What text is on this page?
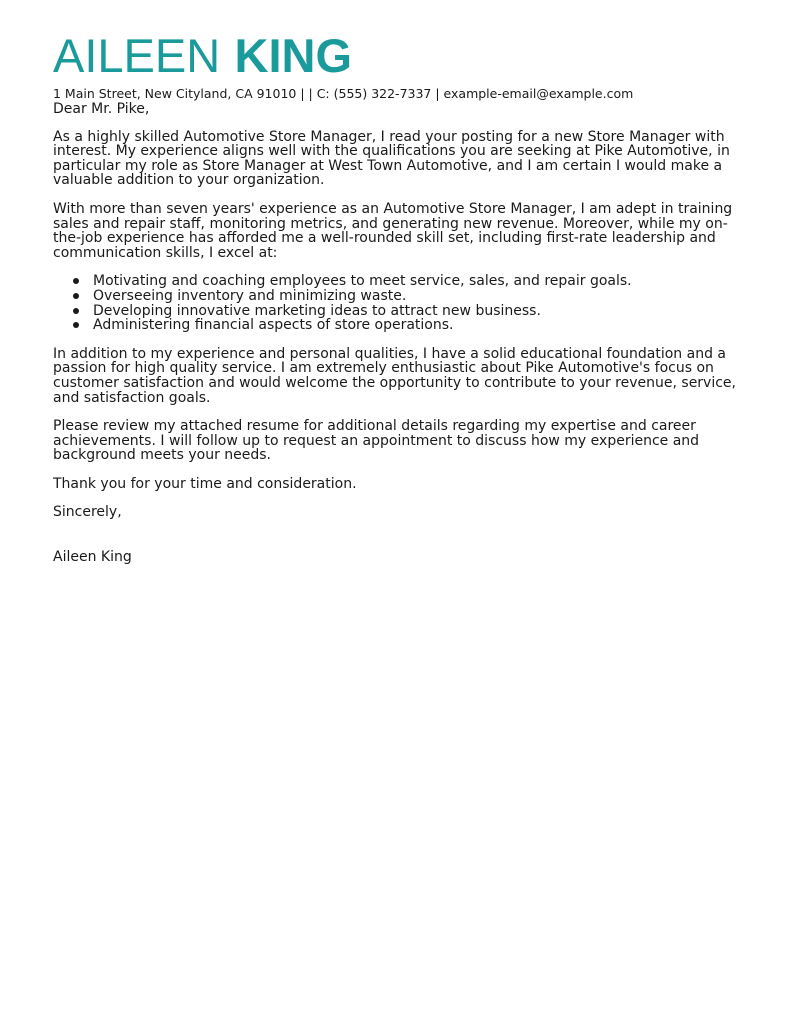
AILEEN KING
1 Main Street, New Cityland, CA 91010 | | C: (555) 322-7337 | example-email@example.com

Dear Mr. Pike,

As a highly skilled Automotive Store Manager, I read your posting for a new Store Manager with interest. My experience aligns well with the qualifications you are seeking at Pike Automotive, in particular my role as Store Manager at West Town Automotive, and I am certain I would make a valuable addition to your organization.

With more than seven years' experience as an Automotive Store Manager, I am adept in training sales and repair staff, monitoring metrics, and generating new revenue. Moreover, while my on-the-job experience has afforded me a well-rounded skill set, including first-rate leadership and communication skills, I excel at:

Motivating and coaching employees to meet service, sales, and repair goals.
Overseeing inventory and minimizing waste.
Developing innovative marketing ideas to attract new business.
Administering financial aspects of store operations.

In addition to my experience and personal qualities, I have a solid educational foundation and a passion for high quality service. I am extremely enthusiastic about Pike Automotive's focus on customer satisfaction and would welcome the opportunity to contribute to your revenue, service, and satisfaction goals.

Please review my attached resume for additional details regarding my expertise and career achievements. I will follow up to request an appointment to discuss how my experience and background meets your needs.

Thank you for your time and consideration.

Sincerely,

Aileen King
